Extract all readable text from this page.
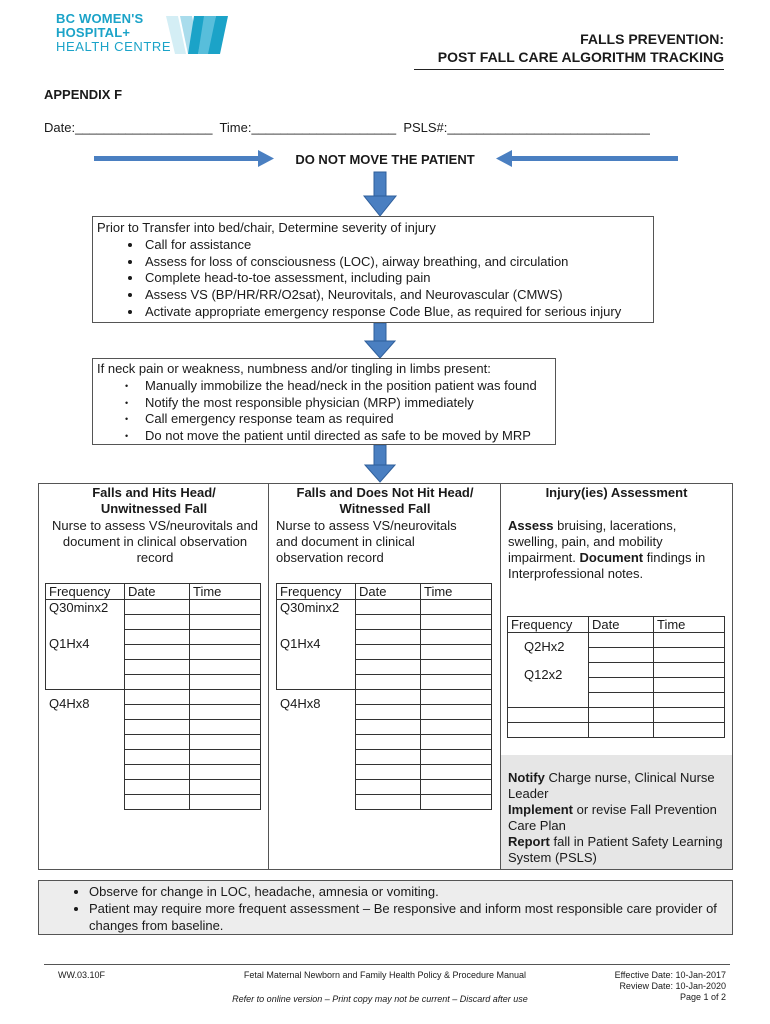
BC WOMEN'S
HOSPITAL+
HEALTH CENTRE	FALLS PREVENTION:
POST FALL CARE ALGORITHM TRACKING
APPENDIX F
Date:___________________ Time:____________________ PSLS#:____________________________
DO NOT MOVE THE PATIENT
Prior to Transfer into bed/chair, Determine severity of injury
• Call for assistance
• Assess for loss of consciousness (LOC), airway breathing, and circulation
• Complete head-to-toe assessment, including pain
• Assess VS (BP/HR/RR/O2sat), Neurovitals, and Neurovascular (CMWS)
• Activate appropriate emergency response Code Blue, as required for serious injury
If neck pain or weakness, numbness and/or tingling in limbs present:
• Manually immobilize the head/neck in the position patient was found
• Notify the most responsible physician (MRP) immediately
• Call emergency response team as required
• Do not move the patient until directed as safe to be moved by MRP
Falls and Hits Head/
Unwitnessed Fall
Nurse to assess VS/neurovitals and document in clinical observation record
Frequency	Date	Time
Q30minx2		

Q1Hx4		

Q4Hx8		

Falls and Does Not Hit Head/
Witnessed Fall
Nurse to assess VS/neurovitals and document in clinical observation record
Frequency	Date	Time
Q30minx2		

Q1Hx4		

Q4Hx8		

Injury(ies) Assessment
Assess bruising, lacerations, swelling, pain, and mobility impairment. Document findings in Interprofessional notes.
Frequency	Date	Time
Q2Hx2		

Q12x2		

Notify Charge nurse, Clinical Nurse Leader
Implement or revise Fall Prevention Care Plan
Report fall in Patient Safety Learning System (PSLS)
• Observe for change in LOC, headache, amnesia or vomiting.
• Patient may require more frequent assessment – Be responsive and inform most responsible care provider of changes from baseline.
WW.03.10F	Fetal Maternal Newborn and Family Health Policy & Procedure Manual
Refer to online version – Print copy may not be current – Discard after use
Effective Date: 10-Jan-2017
Review Date: 10-Jan-2020
Page 1 of 2
